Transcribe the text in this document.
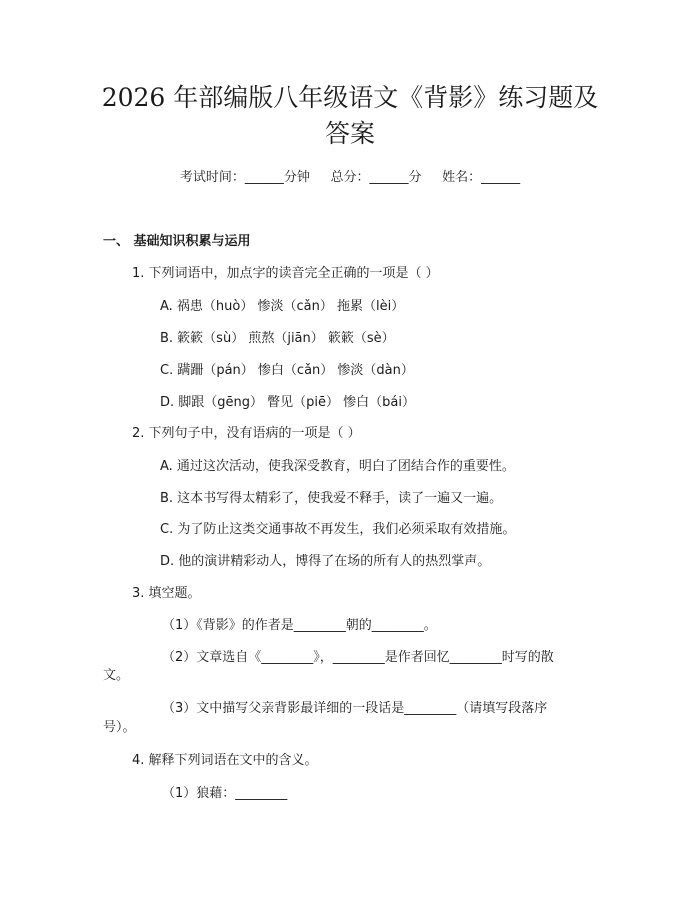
2026 年部编版八年级语文《背影》练习题及
答案
考试时间：______分钟     总分：______分     姓名：______
一、 基础知识积累与运用
1. 下列词语中，加点字的读音完全正确的一项是（ ）
A. 祸患（huò） 惨淡（cǎn） 拖累（lèi）
B. 簌簌（sù） 煎熬（jiān） 簌簌（sè）
C. 蹒跚（pán） 惨白（cǎn） 惨淡（dàn）
D. 脚跟（gēng） 瞥见（piē） 惨白（bái）
2. 下列句子中，没有语病的一项是（ ）
A. 通过这次活动，使我深受教育，明白了团结合作的重要性。
B. 这本书写得太精彩了，使我爱不释手，读了一遍又一遍。
C. 为了防止这类交通事故不再发生，我们必须采取有效措施。
D. 他的演讲精彩动人，博得了在场的所有人的热烈掌声。
3. 填空题。
（1）《背影》的作者是________朝的________。
（2）文章选自《________》，________是作者回忆________时写的散
文。
（3）文中描写父亲背影最详细的一段话是________（请填写段落序
号）。
4. 解释下列词语在文中的含义。
（1）狼藉：________
